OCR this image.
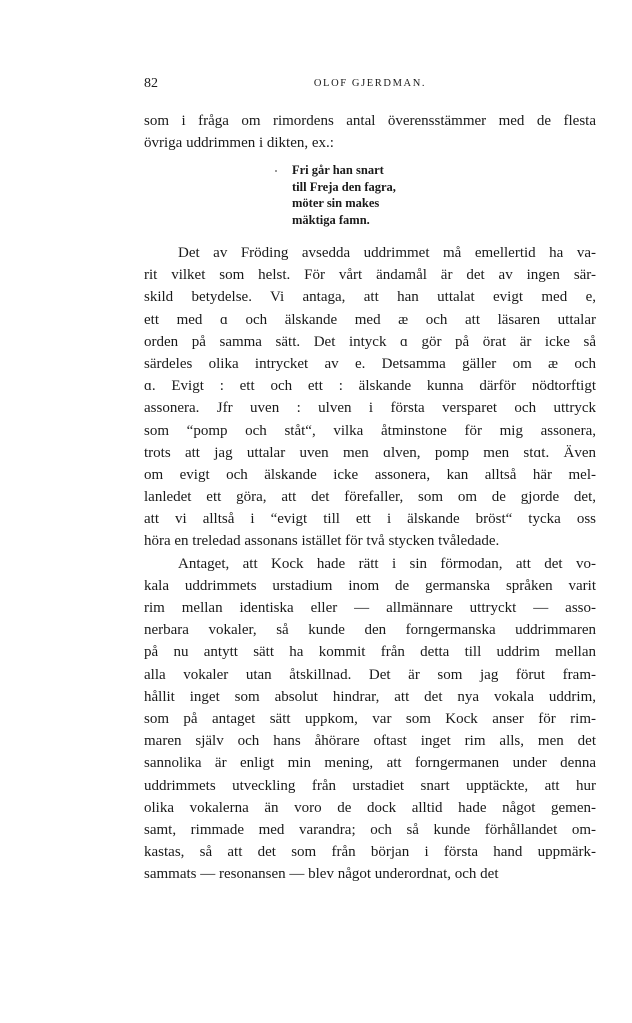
82	OLOF GJERDMAN.
som i fråga om rimordens antal överensstämmer med de flesta
övriga uddrimmen i dikten, ex.:
Fri går han snart
till Freja den fagra,
möter sin makes
mäktiga famn.
Det av Fröding avsedda uddrimmet må emellertid ha va-
rit vilket som helst. För vårt ändamål är det av ingen sär-
skild betydelse. Vi antaga, att han uttalat evigt med e,
ett med ɑ och älskande med æ och att läsaren uttalar
orden på samma sätt. Det intyck ɑ gör på örat är icke så
särdeles olika intrycket av e. Detsamma gäller om æ och
ɑ. Evigt : ett och ett : älskande kunna därför nödtorftigt
assonera. Jfr uven : ulven i första versparet och uttryck
som “pomp och ståt“, vilka åtminstone för mig assonera,
trots att jag uttalar uven men ɑlven, pomp men stɑt. Även
om evigt och älskande icke assonera, kan alltså här mel-
lanledet ett göra, att det förefaller, som om de gjorde det,
att vi alltså i “evigt till ett i älskande bröst“ tycka oss
höra en treledad assonans istället för två stycken tvåledade.
Antaget, att Kock hade rätt i sin förmodan, att det vo-
kala uddrimmets urstadium inom de germanska språken varit
rim mellan identiska eller — allmännare uttryckt — asso-
nerbara vokaler, så kunde den forngermanska uddrimmaren
på nu antytt sätt ha kommit från detta till uddrim mellan
alla vokaler utan åtskillnad. Det är som jag förut fram-
hållit inget som absolut hindrar, att det nya vokala uddrim,
som på antaget sätt uppkom, var som Kock anser för rim-
maren själv och hans åhörare oftast inget rim alls, men det
sannolika är enligt min mening, att forngermanen under denna
uddrimmets utveckling från urstadiet snart upptäckte, att hur
olika vokalerna än voro de dock alltid hade något gemen-
samt, rimmade med varandra; och så kunde förhållandet om-
kastas, så att det som från början i första hand uppmärk-
sammats — resonansen — blev något underordnat, och det
